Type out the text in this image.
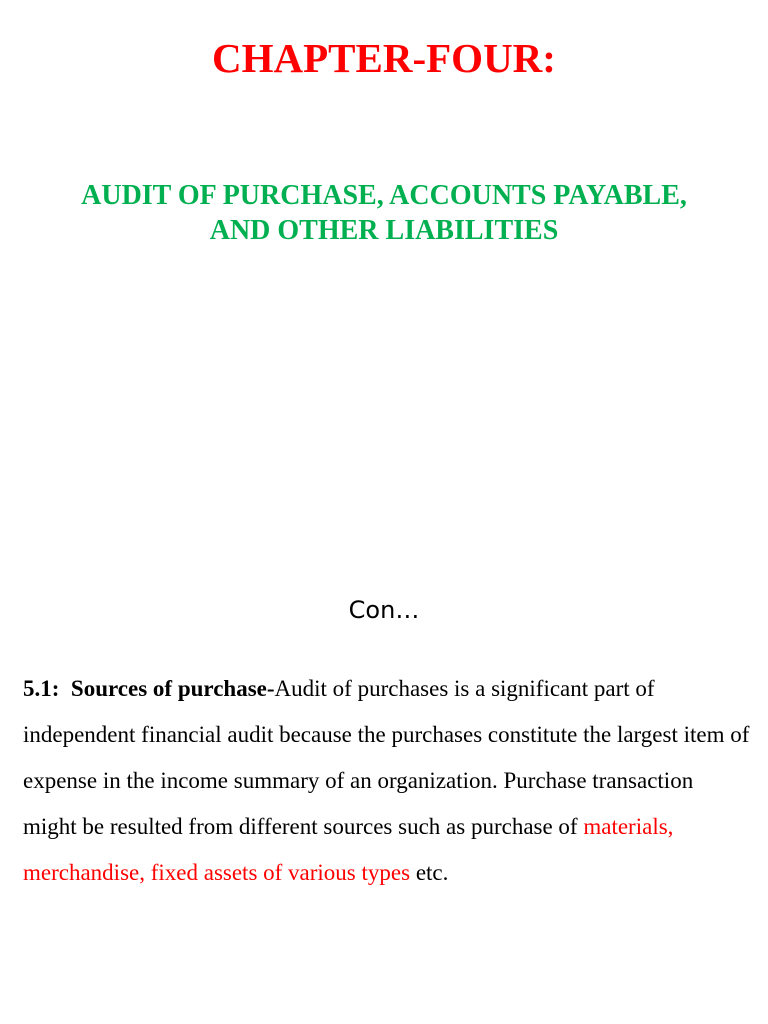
CHAPTER-FOUR:
AUDIT OF PURCHASE, ACCOUNTS PAYABLE,
AND OTHER LIABILITIES
Con…

5.1: Sources of purchase-Audit of purchases is a significant part of independent financial audit because the purchases constitute the largest item of expense in the income summary of an organization. Purchase transaction might be resulted from different sources such as purchase of materials, merchandise, fixed assets of various types etc.
